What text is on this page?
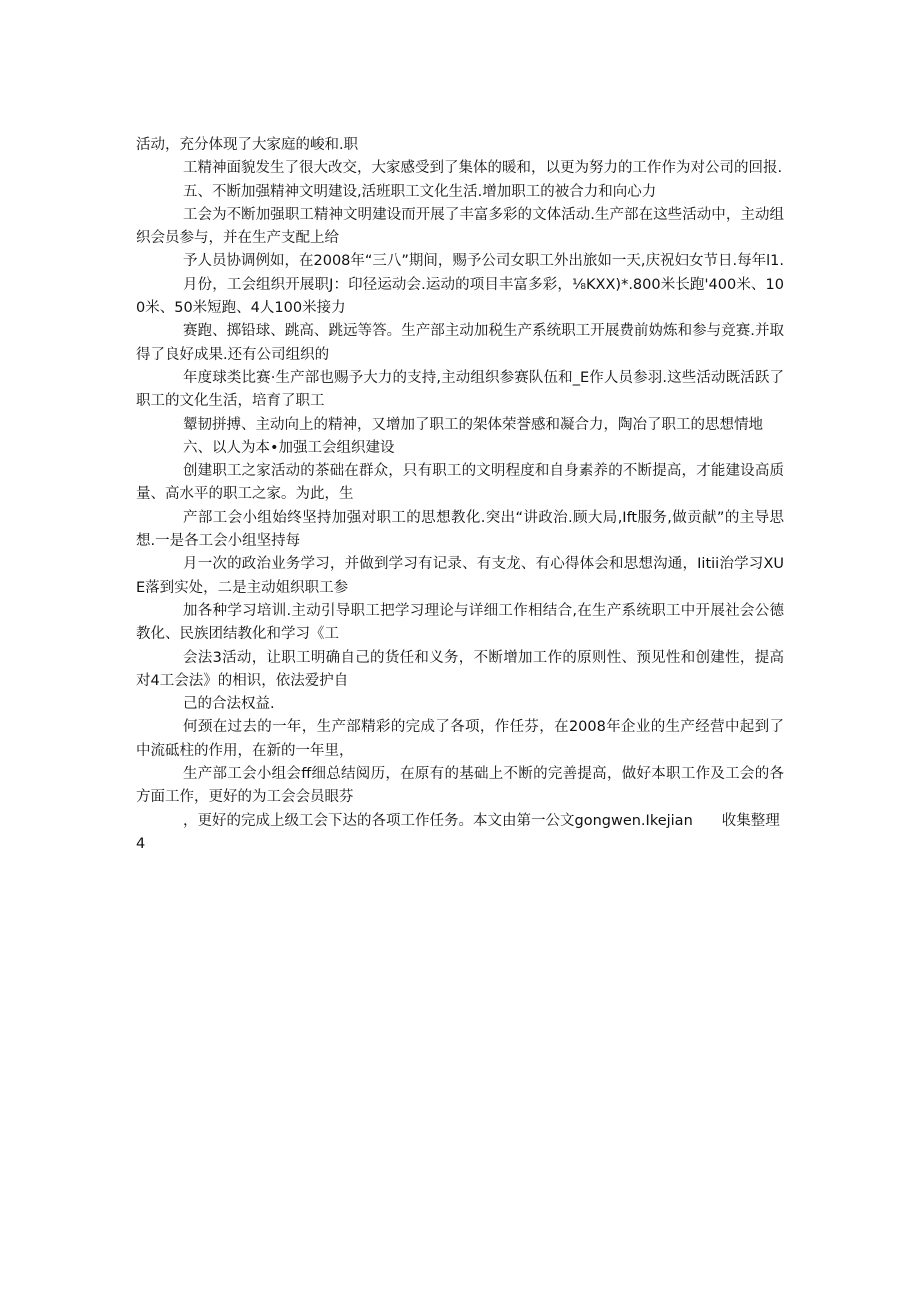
活动，充分体现了大家庭的峻和.职

工精神面貌发生了很大改交，大家感受到了集体的暖和，以更为努力的工作作为对公司的回报.

五、不断加强精神文明建设,活班职工文化生活.增加职工的被合力和向心力

工会为不断加强职工精神文明建设而开展了丰富多彩的文体活动.生产部在这些活动中，主动组织会员参与，并在生产支配上给

予人员协调例如，在2008年“三八”期间，赐予公司女职工外出旅如一天,庆祝妇女节日.每年l1.

月份，工会组织开展职J：印径运动会.运动的项目丰富多彩，⅛KXX)*.800米长跑'400米、100米、50米短跑、4人100米接力

赛跑、掷铅球、跳高、跳远等答。生产部主动加税生产系统职工开展费前妫炼和参与竞赛.并取得了良好成果.还有公司组织的

年度球类比赛·生产部也赐予大力的支持,主动组织参赛队伍和_E作人员参羽.这些活动既活跃了职工的文化生活，培育了职工

颦韧拼搏、主动向上的精神，又增加了职工的架体荣誉感和凝合力，陶冶了职工的思想情地

六、以人为本•加强工会组织建设

创建职工之家活动的茶础在群众，只有职工的文明程度和自身素养的不断提高，才能建设高质量、高水平的职工之家。为此，生

产部工会小组始终坚持加强对职工的思想教化.突出“讲政治.顾大局,Ift服务,做贡献”的主导思想.一是各工会小组坚持每

月一次的政治业务学习，并做到学习有记录、有支龙、有心得体会和思想沟通，Iitii治学习XUE落到实处，二是主动姐织职工参

加各种学习培训.主动引导职工把学习理论与详细工作相结合,在生产系统职工中开展社会公德教化、民族团结教化和学习《工

会法3活动，让职工明确自己的货任和义务，不断增加工作的原则性、预见性和创建性，提高对4工会法》的相识，依法爱护自

己的合法权益.

何颈在过去的一年，生产部精彩的完成了各项，作任芬，在2008年企业的生产经营中起到了中流砥柱的作用，在新的一年里，

生产部工会小组会ff细总结阅历，在原有的基础上不断的完善提高，做好本职工作及工会的各方面工作，更好的为工会会员眼芬

，更好的完成上级工会下达的各项工作任务。本文由第一公文gongwen.Ikejian　　收集整理4
